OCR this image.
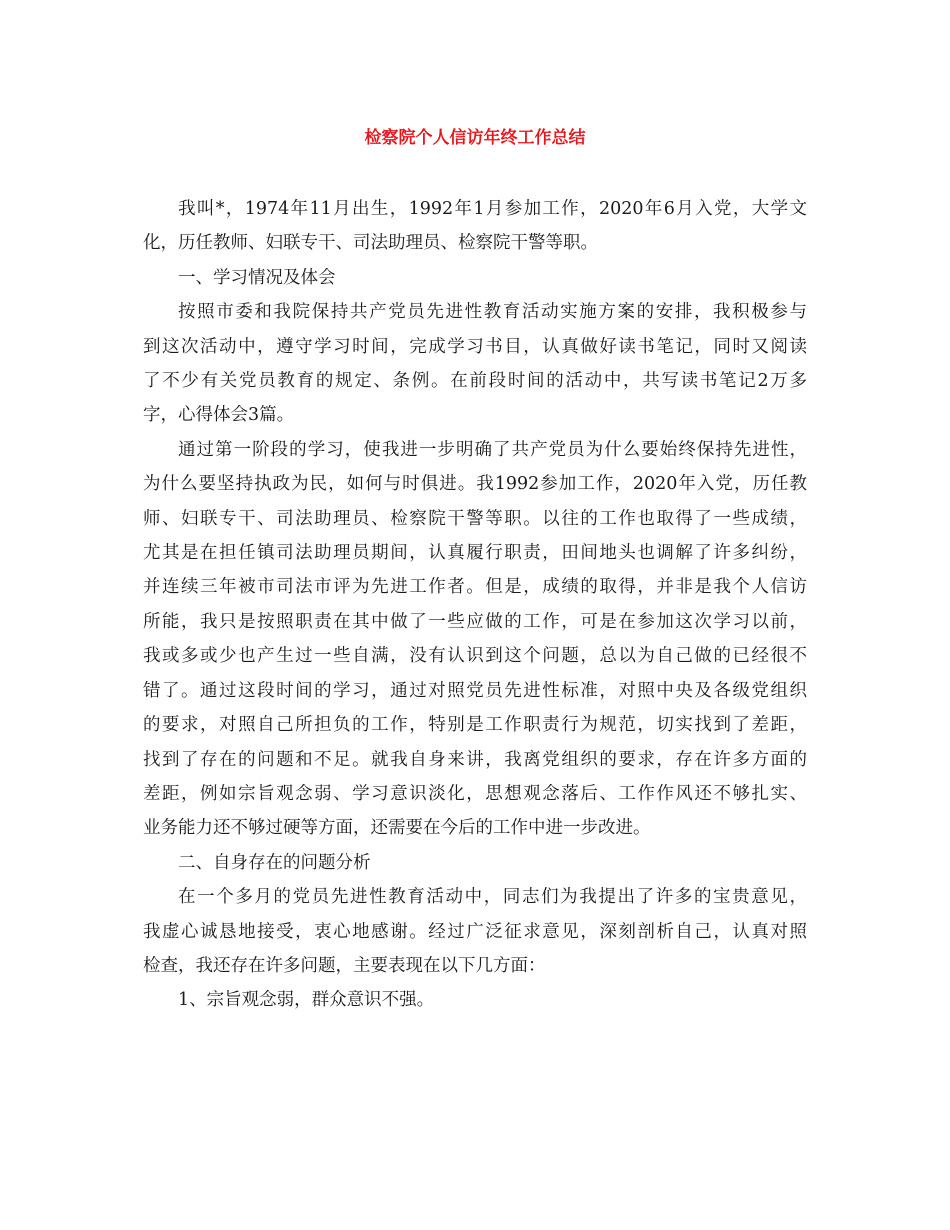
检察院个人信访年终工作总结

我叫*，1974年11月出生，1992年1月参加工作，2020年6月入党，大学文
化，历任教师、妇联专干、司法助理员、检察院干警等职。

一、学习情况及体会

按照市委和我院保持共产党员先进性教育活动实施方案的安排，我积极参与
到这次活动中，遵守学习时间，完成学习书目，认真做好读书笔记，同时又阅读
了不少有关党员教育的规定、条例。在前段时间的活动中，共写读书笔记2万多
字，心得体会3篇。

通过第一阶段的学习，使我进一步明确了共产党员为什么要始终保持先进性，
为什么要坚持执政为民，如何与时俱进。我1992参加工作，2020年入党，历任教
师、妇联专干、司法助理员、检察院干警等职。以往的工作也取得了一些成绩，
尤其是在担任镇司法助理员期间，认真履行职责，田间地头也调解了许多纠纷，
并连续三年被市司法市评为先进工作者。但是，成绩的取得，并非是我个人信访
所能，我只是按照职责在其中做了一些应做的工作，可是在参加这次学习以前，
我或多或少也产生过一些自满，没有认识到这个问题，总以为自己做的已经很不
错了。通过这段时间的学习，通过对照党员先进性标准，对照中央及各级党组织
的要求，对照自己所担负的工作，特别是工作职责行为规范，切实找到了差距，
找到了存在的问题和不足。就我自身来讲，我离党组织的要求，存在许多方面的
差距，例如宗旨观念弱、学习意识淡化，思想观念落后、工作作风还不够扎实、
业务能力还不够过硬等方面，还需要在今后的工作中进一步改进。

二、自身存在的问题分析

在一个多月的党员先进性教育活动中，同志们为我提出了许多的宝贵意见，
我虚心诚恳地接受，衷心地感谢。经过广泛征求意见，深刻剖析自己，认真对照
检查，我还存在许多问题，主要表现在以下几方面：

1、宗旨观念弱，群众意识不强。
